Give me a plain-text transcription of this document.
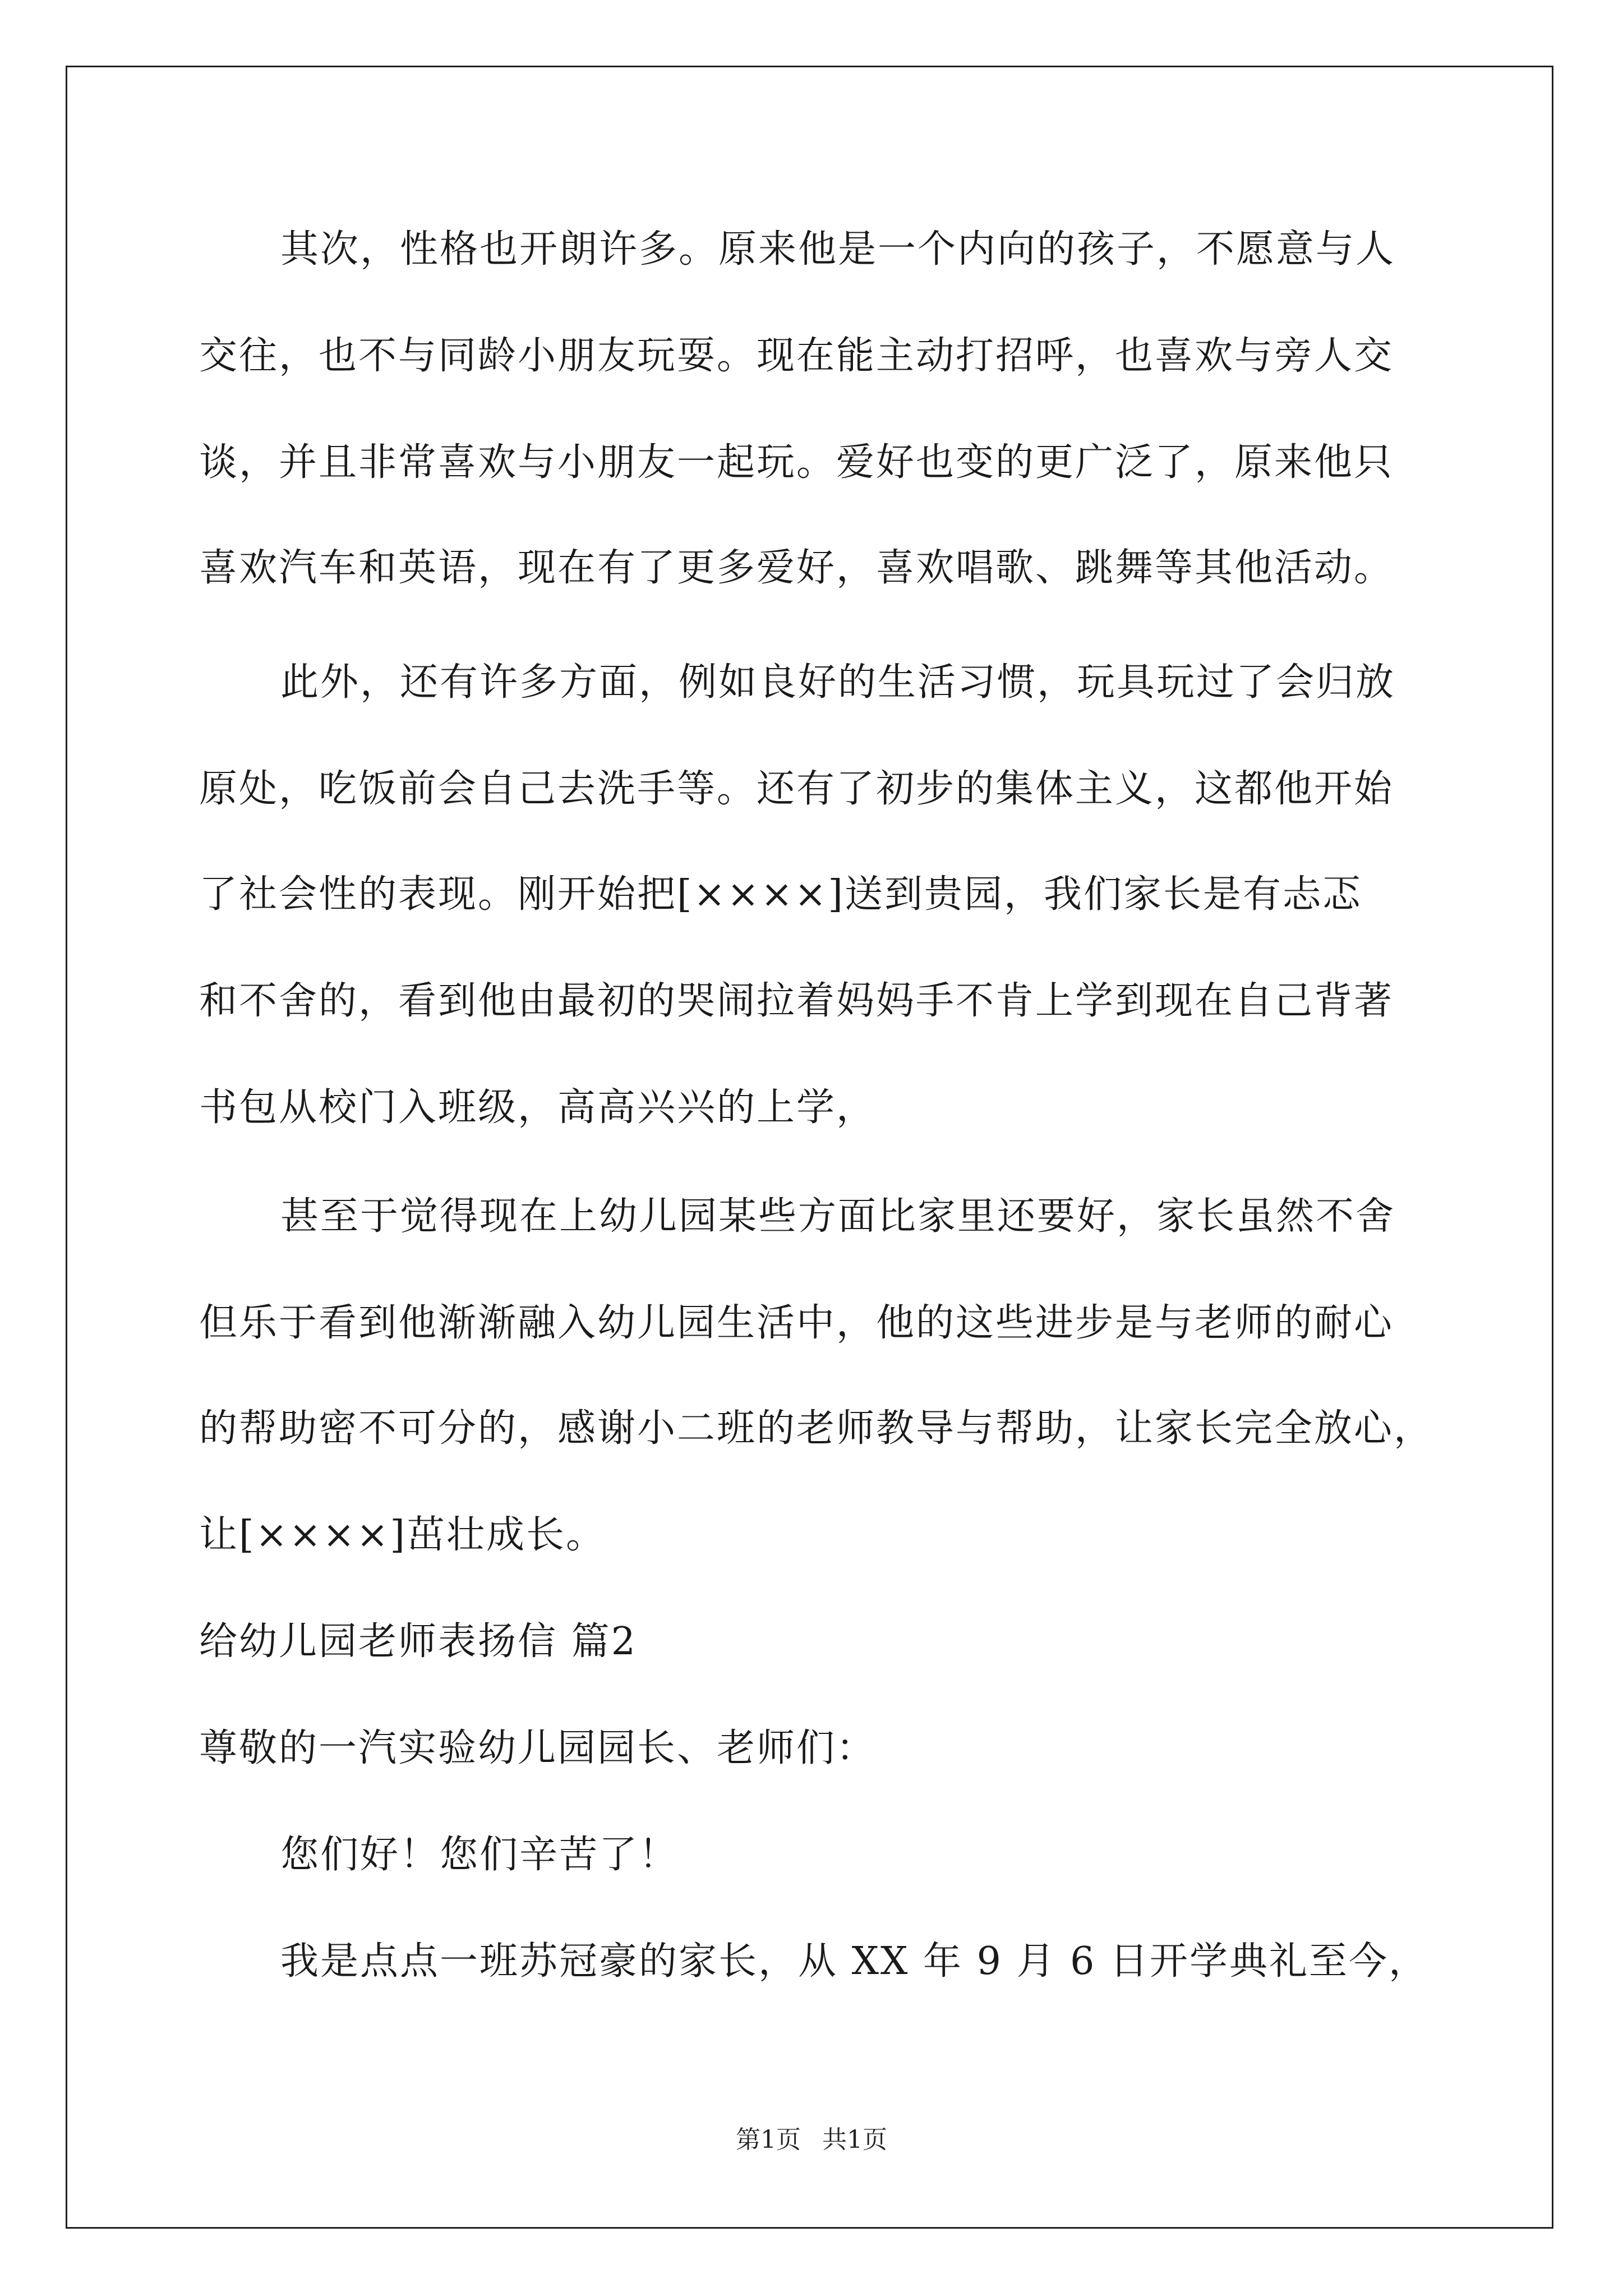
其次，性格也开朗许多。原来他是一个内向的孩子，不愿意与人

交往，也不与同龄小朋友玩耍。现在能主动打招呼，也喜欢与旁人交

谈，并且非常喜欢与小朋友一起玩。爱好也变的更广泛了，原来他只

喜欢汽车和英语，现在有了更多爱好，喜欢唱歌、跳舞等其他活动。

此外，还有许多方面，例如良好的生活习惯，玩具玩过了会归放

原处，吃饭前会自己去洗手等。还有了初步的集体主义，这都他开始

了社会性的表现。刚开始把[××××]送到贵园，我们家长是有忐忑

和不舍的，看到他由最初的哭闹拉着妈妈手不肯上学到现在自己背著

书包从校门入班级，高高兴兴的上学，

甚至于觉得现在上幼儿园某些方面比家里还要好，家长虽然不舍

但乐于看到他渐渐融入幼儿园生活中，他的这些进步是与老师的耐心

的帮助密不可分的，感谢小二班的老师教导与帮助，让家长完全放心，

让[××××]茁壮成长。

给幼儿园老师表扬信 篇2

尊敬的一汽实验幼儿园园长、老师们：

您们好！您们辛苦了！

我是点点一班苏冠豪的家长，从 XX 年 9 月 6 日开学典礼至今，

第1页 共1页
